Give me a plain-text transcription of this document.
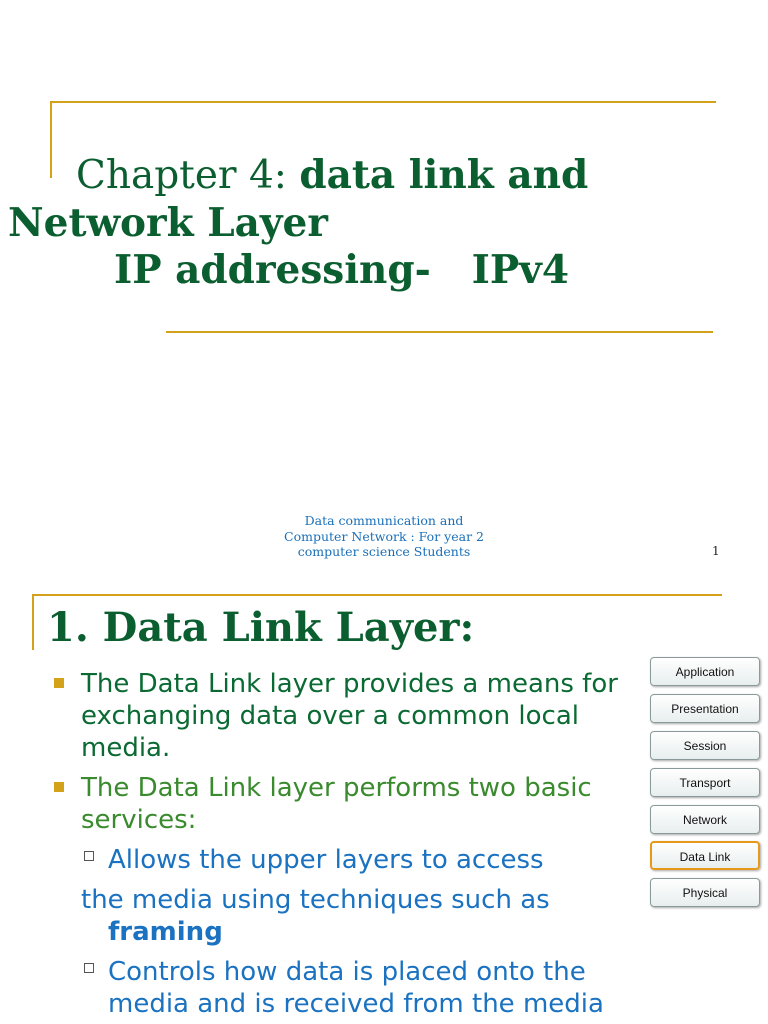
Chapter 4: data link and
Network Layer
IP addressing-   IPv4
Data communication and
Computer Network : For year 2
computer science Students	1
1. Data Link Layer:
The Data Link layer provides a means for
exchanging data over a common local
media.
The Data Link layer performs two basic
services:
Allows the upper layers to access
the media using techniques such as
framing
Controls how data is placed onto the
media and is received from the media
Application
Presentation
Session
Transport
Network
Data Link
Physical
